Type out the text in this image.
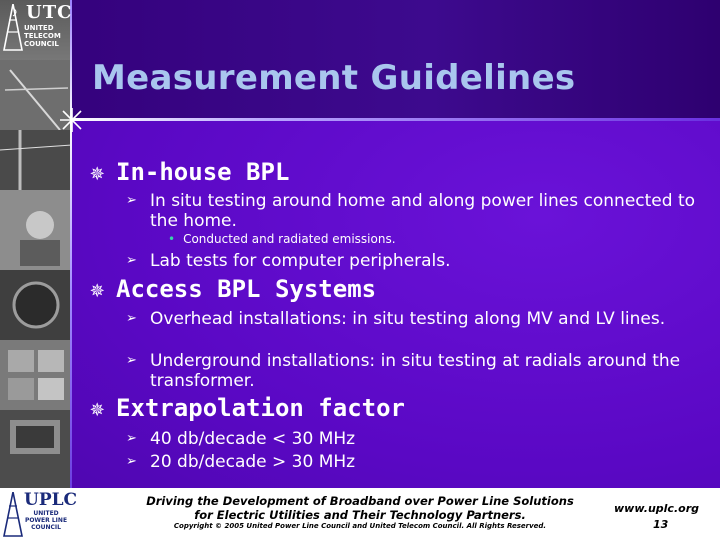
UTC
UNITED
TELECOM
COUNCIL
Measurement Guidelines
✵ In-house BPL
➢ In situ testing around home and along power lines connected to the home.
• Conducted and radiated emissions.
➢ Lab tests for computer peripherals.
✵ Access BPL Systems
➢ Overhead installations: in situ testing along MV and LV lines.
➢ Underground installations: in situ testing at radials around the transformer.
✵ Extrapolation factor
➢ 40 db/decade < 30 MHz
➢ 20 db/decade > 30 MHz
UPLC
UNITED
POWER LINE
COUNCIL
Driving the Development of Broadband over Power Line Solutions
for Electric Utilities and Their Technology Partners.
Copyright © 2005 United Power Line Council and United Telecom Council. All Rights Reserved.
www.uplc.org
13
